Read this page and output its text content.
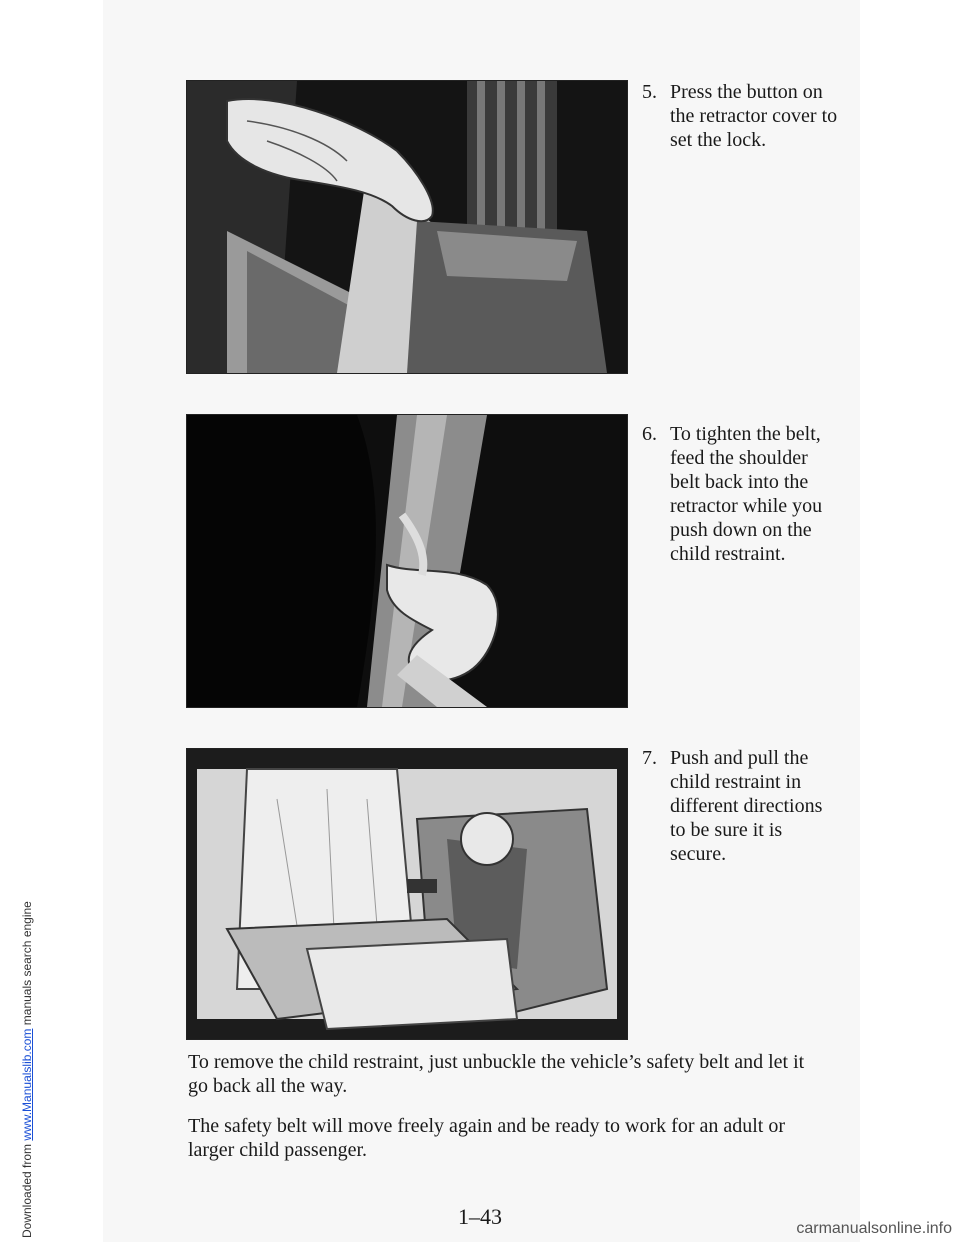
Downloaded from www.Manualslib.com manuals search engine
5. Press the button on the retractor cover to set the lock.
6. To tighten the belt, feed the shoulder belt back into the retractor while you push down on the child restraint.
7. Push and pull the child restraint in different directions to be sure it is secure.

To remove the child restraint, just unbuckle the vehicle’s safety belt and let it go back all the way.

The safety belt will move freely again and be ready to work for an adult or larger child passenger.

1–43	carmanualsonline.info
